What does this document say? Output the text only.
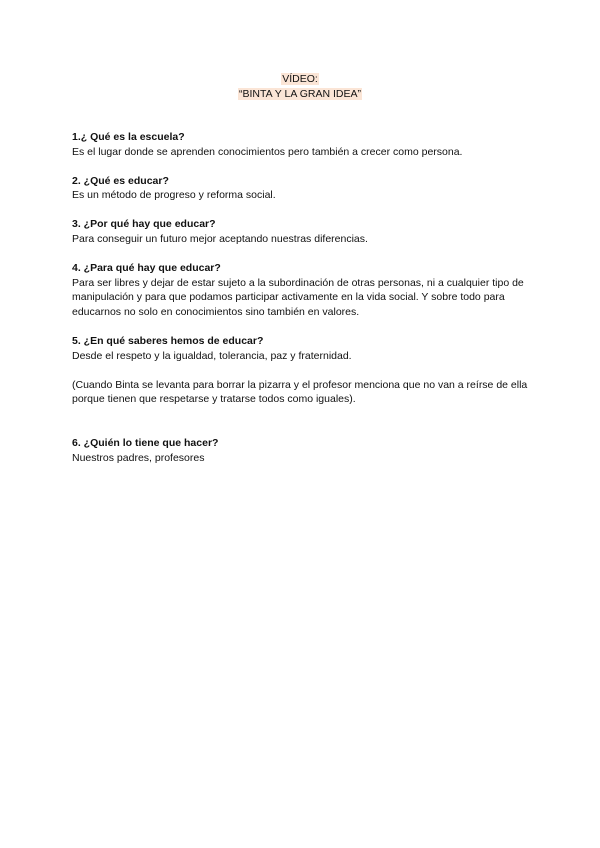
VÍDEO:
“BINTA Y LA GRAN IDEA”

1.¿ Qué es la escuela?

Es el lugar donde se aprenden conocimientos pero también a crecer como persona.

2. ¿Qué es educar?

Es un método de progreso y reforma social.

3. ¿Por qué hay que educar?

Para conseguir un futuro mejor aceptando nuestras diferencias.

4. ¿Para qué hay que educar?

Para ser libres y dejar de estar sujeto a la subordinación de otras personas, ni a cualquier tipo de manipulación y para que podamos participar activamente en la vida social. Y sobre todo para educarnos no solo en conocimientos sino también en valores.

5. ¿En qué saberes hemos de educar?

Desde el respeto y la igualdad, tolerancia, paz y fraternidad.

(Cuando Binta se levanta para borrar la pizarra y el profesor menciona que no van a reírse de ella porque tienen que respetarse y tratarse todos como iguales).

6. ¿Quién lo tiene que hacer?

Nuestros padres, profesores
